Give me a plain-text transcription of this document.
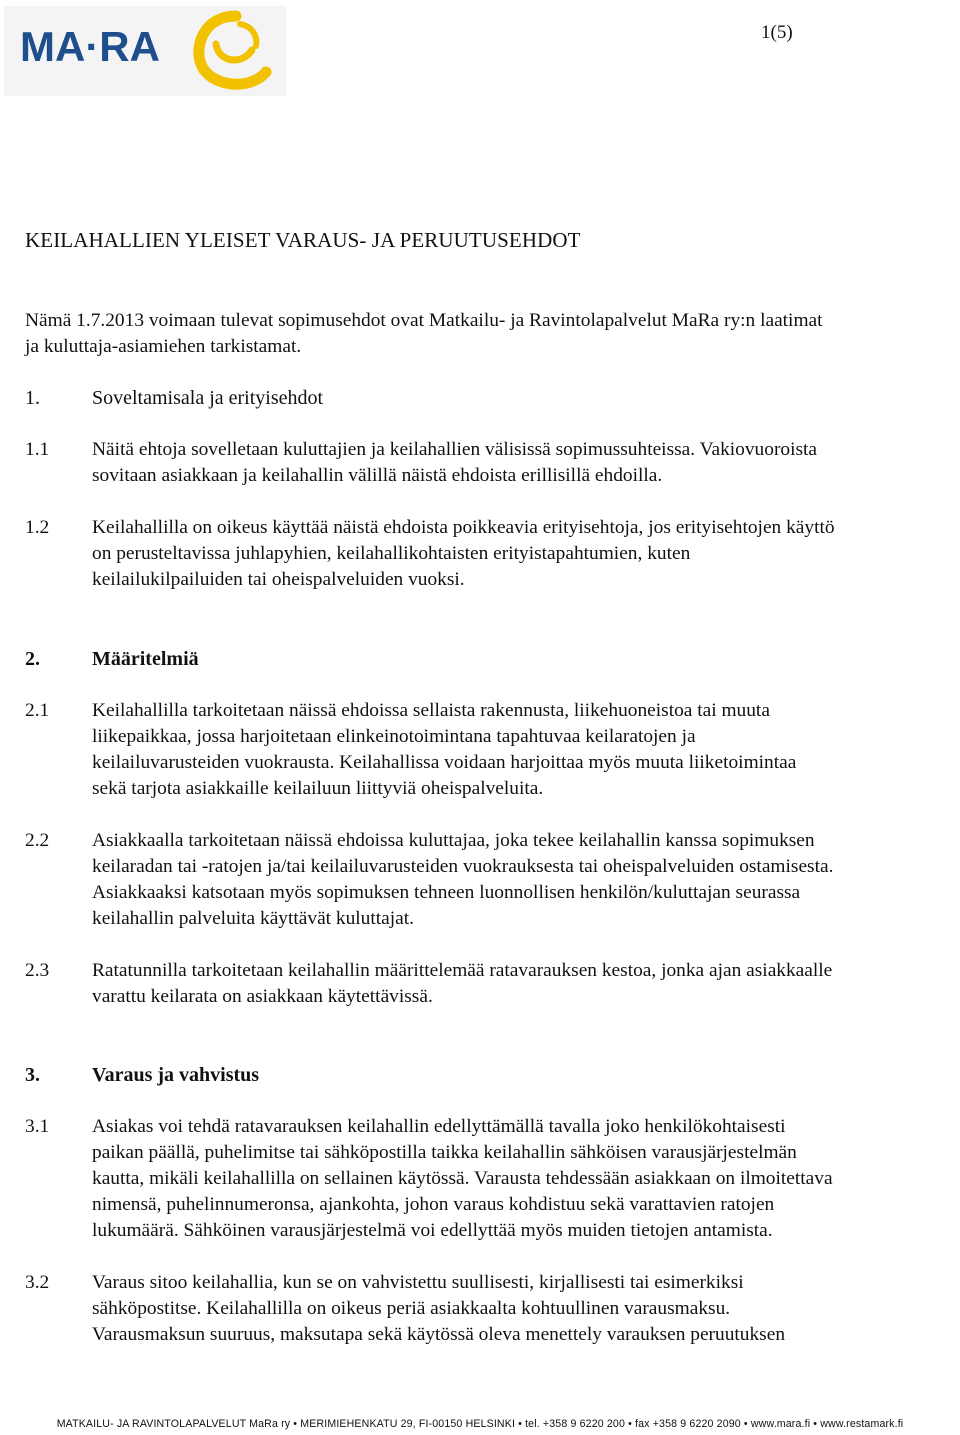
MA·RA	1(5)
KEILAHALLIEN YLEISET VARAUS- JA PERUUTUSEHDOT
Nämä 1.7.2013 voimaan tulevat sopimusehdot ovat Matkailu- ja Ravintolapalvelut MaRa ry:n laatimat
ja kuluttaja-asiamiehen tarkistamat.
1.	Soveltamisala ja erityisehdot
1.1 Näitä ehtoja sovelletaan kuluttajien ja keilahallien välisissä sopimussuhteissa. Vakiovuoroista
sovitaan asiakkaan ja keilahallin välillä näistä ehdoista erillisillä ehdoilla.
1.2 Keilahallilla on oikeus käyttää näistä ehdoista poikkeavia erityisehtoja, jos erityisehtojen käyttö
on perusteltavissa juhlapyhien, keilahallikohtaisten erityistapahtumien, kuten
keilailukilpailuiden tai oheispalveluiden vuoksi.
2.	Määritelmiä
2.1 Keilahallilla tarkoitetaan näissä ehdoissa sellaista rakennusta, liikehuoneistoa tai muuta
liikepaikkaa, jossa harjoitetaan elinkeinotoimintana tapahtuvaa keilaratojen ja
keilailuvarusteiden vuokrausta. Keilahallissa voidaan harjoittaa myös muuta liiketoimintaa
sekä tarjota asiakkaille keilailuun liittyviä oheispalveluita.
2.2 Asiakkaalla tarkoitetaan näissä ehdoissa kuluttajaa, joka tekee keilahallin kanssa sopimuksen
keilaradan tai -ratojen ja/tai keilailuvarusteiden vuokrauksesta tai oheispalveluiden ostamisesta.
Asiakkaaksi katsotaan myös sopimuksen tehneen luonnollisen henkilön/kuluttajan seurassa
keilahallin palveluita käyttävät kuluttajat.
2.3 Ratatunnilla tarkoitetaan keilahallin määrittelemää ratavarauksen kestoa, jonka ajan asiakkaalle
varattu keilarata on asiakkaan käytettävissä.
3.	Varaus ja vahvistus
3.1 Asiakas voi tehdä ratavarauksen keilahallin edellyttämällä tavalla joko henkilökohtaisesti
paikan päällä, puhelimitse tai sähköpostilla taikka keilahallin sähköisen varausjärjestelmän
kautta, mikäli keilahallilla on sellainen käytössä. Varausta tehdessään asiakkaan on ilmoitettava
nimensä, puhelinnumeronsa, ajankohta, johon varaus kohdistuu sekä varattavien ratojen
lukumäärä. Sähköinen varausjärjestelmä voi edellyttää myös muiden tietojen antamista.
3.2 Varaus sitoo keilahallia, kun se on vahvistettu suullisesti, kirjallisesti tai esimerkiksi
sähköpostitse. Keilahallilla on oikeus periä asiakkaalta kohtuullinen varausmaksu.
Varausmaksun suuruus, maksutapa sekä käytössä oleva menettely varauksen peruutuksen
MATKAILU- JA RAVINTOLAPALVELUT MaRa ry • MERIMIEHENKATU 29, FI-00150 HELSINKI • tel. +358 9 6220 200 • fax +358 9 6220 2090 • www.mara.fi • www.restamark.fi
